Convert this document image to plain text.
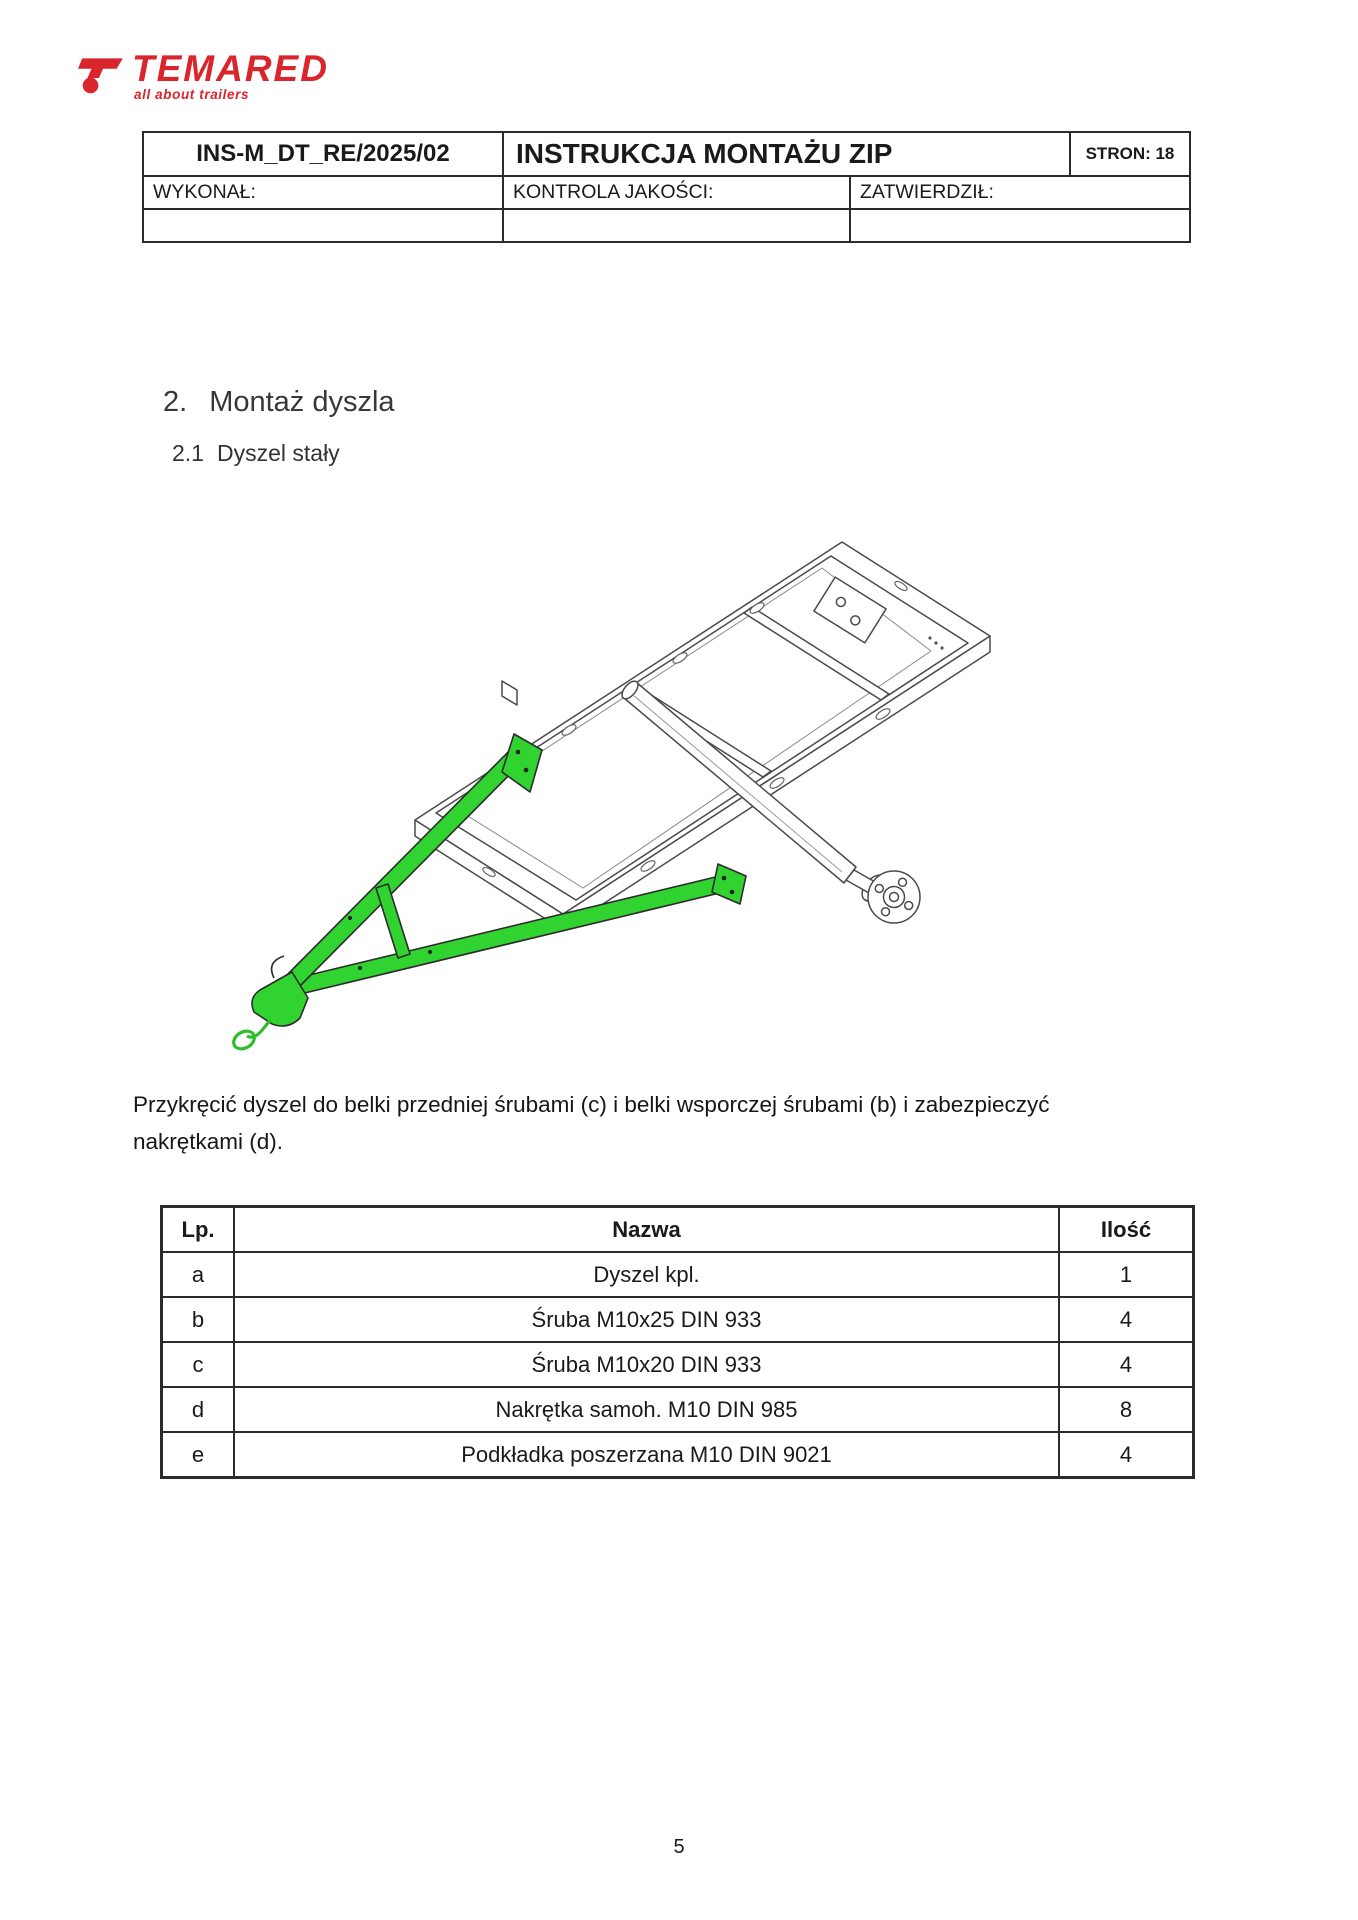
TEMARED
all about trailers
INS-M_DT_RE/2025/02	INSTRUKCJA MONTAŻU ZIP	STRON: 18
WYKONAŁ:	KONTROLA JAKOŚCI:	ZATWIERDZIŁ:
2. Montaż dyszla
2.1 Dyszel stały
Przykręcić dyszel do belki przedniej śrubami (c) i belki wsporczej śrubami (b) i zabezpieczyć
nakrętkami (d).
Lp.	Nazwa	Ilość
a	Dyszel kpl.	1
b	Śruba M10x25 DIN 933	4
c	Śruba M10x20 DIN 933	4
d	Nakrętka samoh. M10 DIN 985	8
e	Podkładka poszerzana M10 DIN 9021	4
5
